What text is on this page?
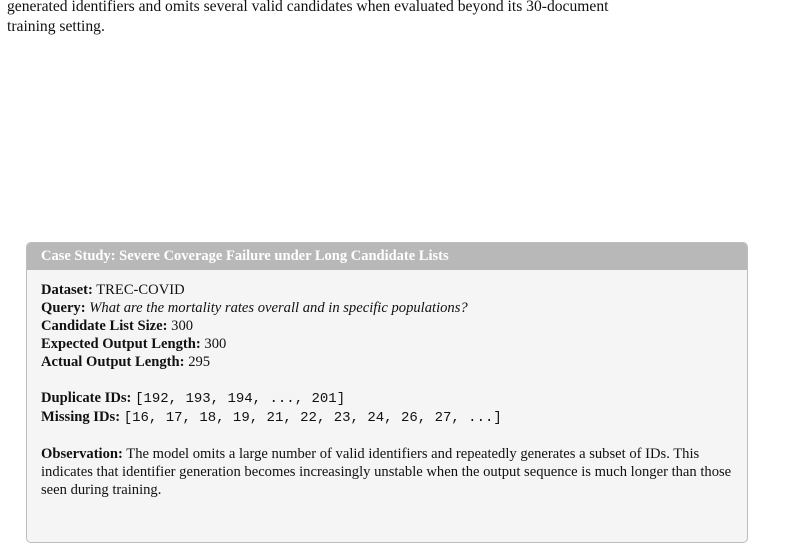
generated identifiers and omits several valid candidates when evaluated beyond its 30-document
training setting.
Case Study: Severe Coverage Failure under Long Candidate Lists
Dataset: TREC-COVID
Query: What are the mortality rates overall and in specific populations?
Candidate List Size: 300
Expected Output Length: 300
Actual Output Length: 295
Duplicate IDs: [192, 193, 194, ..., 201]
Missing IDs: [16, 17, 18, 19, 21, 22, 23, 24, 26, 27, ...]
Observation: The model omits a large number of valid identifiers and repeatedly generates a subset of IDs. This indicates that identifier generation becomes increasingly unstable when the output sequence is much longer than those seen during training.
